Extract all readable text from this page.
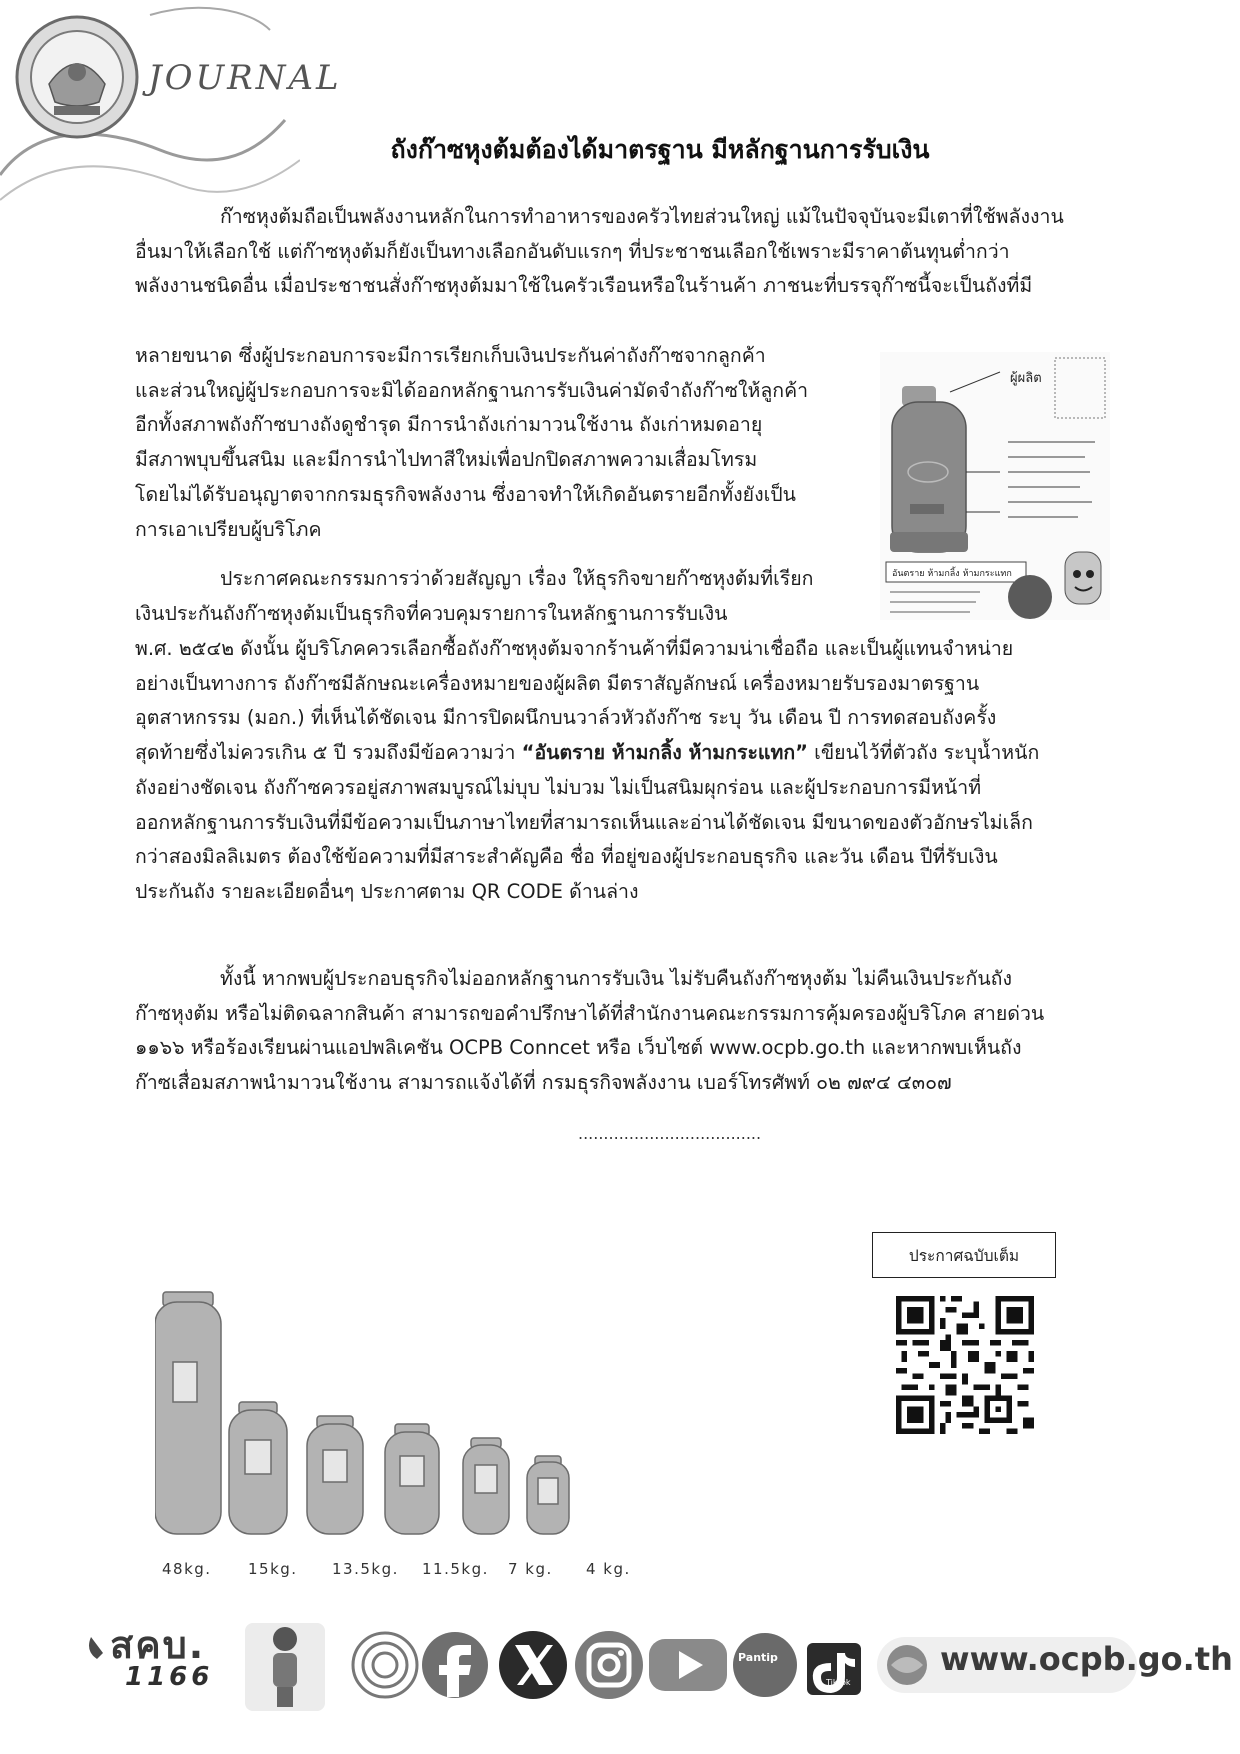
JOURNAL
ถังก๊าซหุงต้มต้องได้มาตรฐาน มีหลักฐานการรับเงิน

ก๊าซหุงต้มถือเป็นพลังงานหลักในการทำอาหารของครัวไทยส่วนใหญ่ แม้ในปัจจุบันจะมีเตาที่ใช้พลังงาน

อื่นมาให้เลือกใช้ แต่ก๊าซหุงต้มก็ยังเป็นทางเลือกอันดับแรกๆ ที่ประชาชนเลือกใช้เพราะมีราคาต้นทุนต่ำกว่า

พลังงานชนิดอื่น เมื่อประชาชนสั่งก๊าซหุงต้มมาใช้ในครัวเรือนหรือในร้านค้า ภาชนะที่บรรจุก๊าซนี้จะเป็นถังที่มี

หลายขนาด ซึ่งผู้ประกอบการจะมีการเรียกเก็บเงินประกันค่าถังก๊าซจากลูกค้า

และส่วนใหญ่ผู้ประกอบการจะมิได้ออกหลักฐานการรับเงินค่ามัดจำถังก๊าซให้ลูกค้า

อีกทั้งสภาพถังก๊าซบางถังดูชำรุด มีการนำถังเก่ามาวนใช้งาน ถังเก่าหมดอายุ

มีสภาพบุบขึ้นสนิม และมีการนำไปทาสีใหม่เพื่อปกปิดสภาพความเสื่อมโทรม

โดยไม่ได้รับอนุญาตจากกรมธุรกิจพลังงาน ซึ่งอาจทำให้เกิดอันตรายอีกทั้งยังเป็น

การเอาเปรียบผู้บริโภค

ประกาศคณะกรรมการว่าด้วยสัญญา เรื่อง ให้ธุรกิจขายก๊าซหุงต้มที่เรียก

เงินประกันถังก๊าซหุงต้มเป็นธุรกิจที่ควบคุมรายการในหลักฐานการรับเงิน

พ.ศ. ๒๕๔๒ ดังนั้น ผู้บริโภคควรเลือกซื้อถังก๊าซหุงต้มจากร้านค้าที่มีความน่าเชื่อถือ และเป็นผู้แทนจำหน่าย

อย่างเป็นทางการ ถังก๊าซมีลักษณะเครื่องหมายของผู้ผลิต มีตราสัญลักษณ์ เครื่องหมายรับรองมาตรฐาน

อุตสาหกรรม (มอก.) ที่เห็นได้ชัดเจน มีการปิดผนึกบนวาล์วหัวถังก๊าซ ระบุ วัน เดือน ปี การทดสอบถังครั้ง

สุดท้ายซึ่งไม่ควรเกิน ๕ ปี รวมถึงมีข้อความว่า “อันตราย ห้ามกลิ้ง ห้ามกระแทก” เขียนไว้ที่ตัวถัง ระบุน้ำหนัก

ถังอย่างชัดเจน ถังก๊าซควรอยู่สภาพสมบูรณ์ไม่บุบ ไม่บวม ไม่เป็นสนิมผุกร่อน และผู้ประกอบการมีหน้าที่

ออกหลักฐานการรับเงินที่มีข้อความเป็นภาษาไทยที่สามารถเห็นและอ่านได้ชัดเจน มีขนาดของตัวอักษรไม่เล็ก

กว่าสองมิลลิเมตร ต้องใช้ข้อความที่มีสาระสำคัญคือ ชื่อ ที่อยู่ของผู้ประกอบธุรกิจ และวัน เดือน ปีที่รับเงิน

ประกันถัง รายละเอียดอื่นๆ ประกาศตาม QR CODE ด้านล่าง

ทั้งนี้ หากพบผู้ประกอบธุรกิจไม่ออกหลักฐานการรับเงิน ไม่รับคืนถังก๊าซหุงต้ม ไม่คืนเงินประกันถัง

ก๊าซหุงต้ม หรือไม่ติดฉลากสินค้า สามารถขอคำปรึกษาได้ที่สำนักงานคณะกรรมการคุ้มครองผู้บริโภค สายด่วน

๑๑๖๖ หรือร้องเรียนผ่านแอปพลิเคชัน OCPB Conncet หรือ เว็บไซต์ www.ocpb.go.th และหากพบเห็นถัง

ก๊าซเสื่อมสภาพนำมาวนใช้งาน สามารถแจ้งได้ที่ กรมธุรกิจพลังงาน เบอร์โทรศัพท์ ๐๒ ๗๙๔ ๔๓๐๗

....................................
ผู้ผลิต
อันตราย ห้ามกลิ้ง ห้ามกระแทก
ประกาศฉบับเต็ม
48kg. 15kg. 13.5kg. 11.5kg. 7 kg. 4 kg.
สคบ.
1166
Pantip
TikTok
www.ocpb.go.th
